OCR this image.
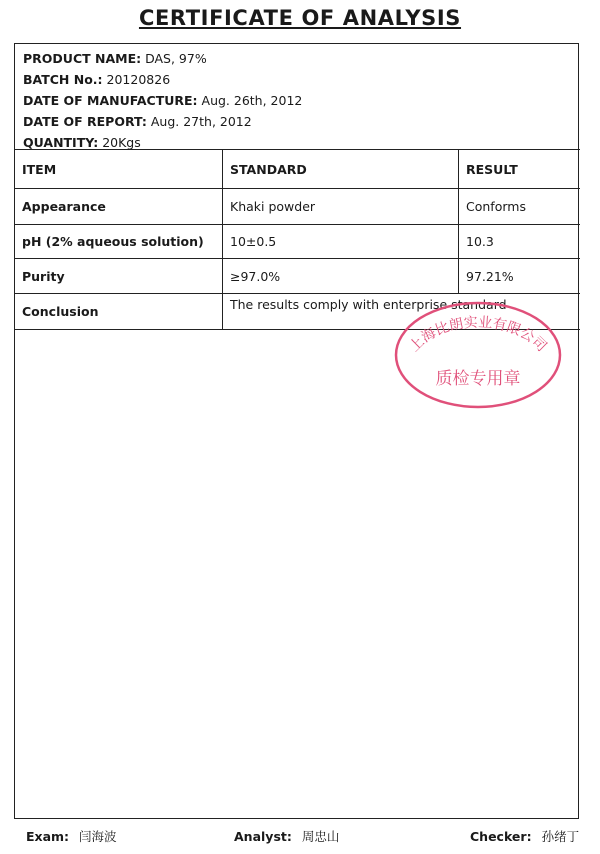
CERTIFICATE OF ANALYSIS
PRODUCT NAME: DAS, 97%
BATCH No.: 20120826
DATE OF MANUFACTURE: Aug. 26th, 2012
DATE OF REPORT: Aug. 27th, 2012
QUANTITY: 20Kgs
ITEM	STANDARD	RESULT
Appearance	Khaki powder	Conforms
pH (2% aqueous solution)	10±0.5	10.3
Purity	≥97.0%	97.21%
Conclusion	The results comply with enterprise standard
上海比朗实业有限公司
质检专用章
Exam: 闫海波	Analyst: 周忠山	Checker: 孙绪丁
